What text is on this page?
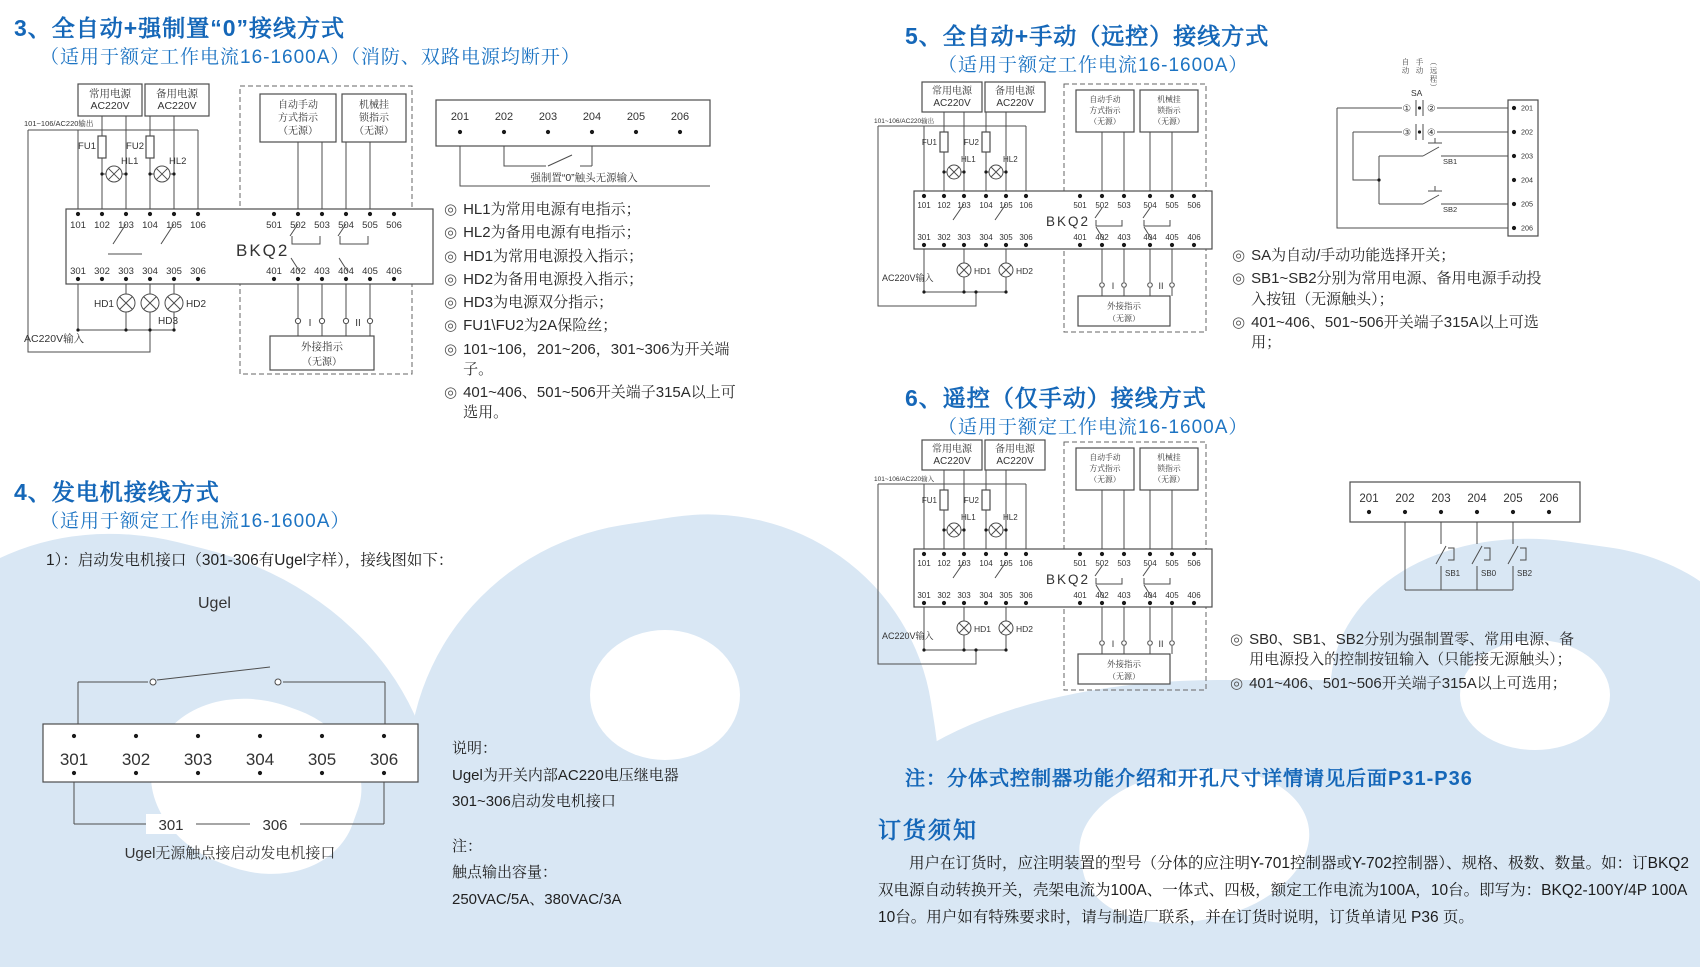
3、全自动+强制置“0”接线方式
（适用于额定工作电流16-1600A）（消防、双路电源均断开）
常用电源
AC220V
备用电源
AC220V
101~106/AC220输出
FU1	FU2
HL1	HL2
BKQ2
101 102 103 104 105 106	501 502 503 504 505 506
301 302 303 304 305 306	401 402 403 404 405 406
自动手动
方式指示
（无源）
机械挂
锁指示
（无源）
I	II
外接指示
（无源）
HD1
HD3
HD2
AC220V输入
201 202 203 204 205 206
强制置“0”触头无源输入
◎ HL1为常用电源有电指示；
◎ HL2为备用电源有电指示；
◎ HD1为常用电源投入指示；
◎ HD2为备用电源投入指示；
◎ HD3为电源双分指示；
◎ FU1\FU2为2A保险丝；
◎ 101~106，201~206，301~306为开关端子。
◎ 401~406、501~506开关端子315A以上可选用。
4、发电机接线方式
（适用于额定工作电流16-1600A）
1）：启动发电机接口（301-306有Ugel字样），接线图如下：
Ugel
301 302 303 304 305 306
301	306
Ugel无源触点接启动发电机接口

说明：

Ugel为开关内部AC220电压继电器

301~306启动发电机接口

注：

触点输出容量：

250VAC/5A、380VAC/3A

5、全自动+手动（远控）接线方式
（适用于额定工作电流16-1600A）
常用电源
AC220V
备用电源
AC220V
101~106/AC220输出
FU1	FU2
HL1	HL2
BKQ2
101 102 103 104 105 106	501 502 503 504 505 506
301 302 303 304 305 306	401 402 403 404 405 406
自动手动
方式指示
（无源）
机械挂
锁指示
（无源）
I	II
外接指示
（无源）
HD1	HD2
AC220V输入
自动 手动 （远程）
SA
① ②
③ ④
SB1
SB2
201
202
203
204
205
206
◎ SA为自动/手动功能选择开关；
◎ SB1~SB2分别为常用电源、备用电源手动投入按钮（无源触头）；
◎ 401~406、501~506开关端子315A以上可选用；
6、遥控（仅手动）接线方式
（适用于额定工作电流16-1600A）
常用电源
AC220V
备用电源
AC220V
101~106/AC220输入
FU1	FU2
HL1	HL2
BKQ2
101 102 103 104 105 106	501 502 503 504 505 506
301 302 303 304 305 306	401 402 403 404 405 406
自动手动
方式指示
（无源）
机械挂
锁指示
（无源）
I	II
外接指示
（无源）
HD1	HD2
AC220V输入
201 202 203 204 205 206
SB1	SB0	SB2
◎ SB0、SB1、SB2分别为强制置零、常用电源、备用电源投入的控制按钮输入（只能接无源触头）；
◎ 401~406、501~506开关端子315A以上可选用；
注：分体式控制器功能介绍和开孔尺寸详情请见后面P31-P36
订货须知
用户在订货时，应注明装置的型号（分体的应注明Y-701控制器或Y-702控制器）、规格、极数、数量。如：订BKQ2双电源自动转换开关，壳架电流为100A、一体式、四极，额定工作电流为100A，10台。即写为：BKQ2-100Y/4P 100A 10台。用户如有特殊要求时，请与制造厂联系，并在订货时说明，订货单请见 P36 页。
